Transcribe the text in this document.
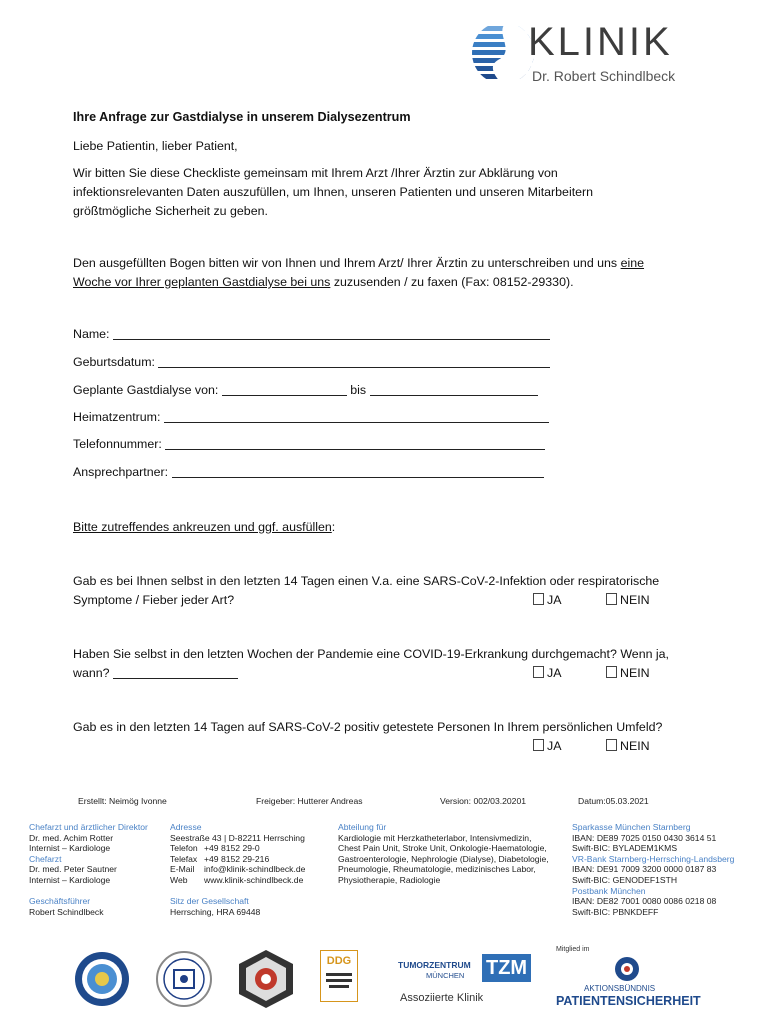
KLINIK
Dr. Robert Schindlbeck
Ihre Anfrage zur Gastdialyse in unserem Dialysezentrum
Liebe Patientin, lieber Patient,
Wir bitten Sie diese Checkliste gemeinsam mit Ihrem Arzt /Ihrer Ärztin zur Abklärung von
infektionsrelevanten Daten auszufüllen, um Ihnen, unseren Patienten und unseren Mitarbeitern
größtmögliche Sicherheit zu geben.
Den ausgefüllten Bogen bitten wir von Ihnen und Ihrem Arzt/ Ihrer Ärztin zu unterschreiben und uns eine
Woche vor Ihrer geplanten Gastdialyse bei uns zuzusenden / zu faxen (Fax: 08152-29330).
Name:
Geburtsdatum:
Geplante Gastdialyse von:	bis
Heimatzentrum:
Telefonnummer:
Ansprechpartner:
Bitte zutreffendes ankreuzen und ggf. ausfüllen:
Gab es bei Ihnen selbst in den letzten 14 Tagen einen V.a. eine SARS-CoV-2-Infektion oder respiratorische
Symptome / Fieber jeder Art?	JA	NEIN
Haben Sie selbst in den letzten Wochen der Pandemie eine COVID-19-Erkrankung durchgemacht? Wenn ja,
wann?	JA	NEIN
Gab es in den letzten 14 Tagen auf SARS-CoV-2 positiv getestete Personen In Ihrem persönlichen Umfeld?
JA	NEIN
Erstellt: Neimög Ivonne	Freigeber: Hutterer Andreas	Version: 002/03.20201	Datum:05.03.2021
Chefarzt und ärztlicher Direktor
Dr. med. Achim Rotter
Internist – Kardiologe
Chefarzt
Dr. med. Peter Sautner
Internist – Kardiologe
Geschäftsführer
Robert Schindlbeck
Adresse
Seestraße 43 | D-82211 Herrsching
Telefon +49 8152 29-0
Telefax +49 8152 29-216
E-Mail info@klinik-schindlbeck.de
Web www.klinik-schindlbeck.de
Sitz der Gesellschaft
Herrsching, HRA 69448
Abteilung für
Kardiologie mit Herzkatheterlabor, Intensivmedizin,
Chest Pain Unit, Stroke Unit, Onkologie-Haematologie,
Gastroenterologie, Nephrologie (Dialyse), Diabetologie,
Pneumologie, Rheumatologie, medizinisches Labor,
Physiotherapie, Radiologie
Sparkasse München Starnberg
IBAN: DE89 7025 0150 0430 3614 51
Swift-BIC: BYLADEM1KMS
VR-Bank Starnberg-Herrsching-Landsberg
IBAN: DE91 7009 3200 0000 0187 83
Swift-BIC: GENODEF1STH
Postbank München
IBAN: DE82 7001 0080 0086 0218 08
Swift-BIC: PBNKDEFF
DDG	TUMORZENTRUM
MÜNCHEN TZM
Assoziierte Klinik
Mitglied im
AKTIONSBÜNDNIS
PATIENTENSICHERHEIT
